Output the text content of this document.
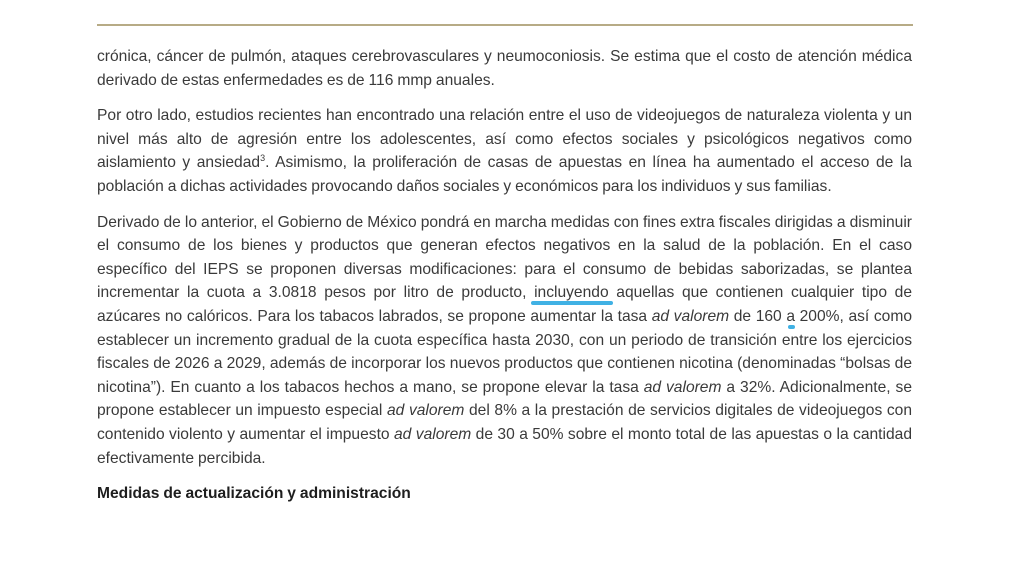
crónica, cáncer de pulmón, ataques cerebrovasculares y neumoconiosis. Se estima que el costo de atención médica derivado de estas enfermedades es de 116 mmp anuales.

Por otro lado, estudios recientes han encontrado una relación entre el uso de videojuegos de naturaleza violenta y un nivel más alto de agresión entre los adolescentes, así como efectos sociales y psicológicos negativos como aislamiento y ansiedad$^3$. Asimismo, la proliferación de casas de apuestas en línea ha aumentado el acceso de la población a dichas actividades provocando daños sociales y económicos para los individuos y sus familias.

Derivado de lo anterior, el Gobierno de México pondrá en marcha medidas con fines extra fiscales dirigidas a disminuir el consumo de los bienes y productos que generan efectos negativos en la salud de la población. En el caso específico del IEPS se proponen diversas modificaciones: para el consumo de bebidas saborizadas, se plantea incrementar la cuota a 3.0818 pesos por litro de producto, incluyendo aquellas que contienen cualquier tipo de azúcares no calóricos. Para los tabacos labrados, se propone aumentar la tasa ad valorem de 160 a 200%, así como establecer un incremento gradual de la cuota específica hasta 2030, con un periodo de transición entre los ejercicios fiscales de 2026 a 2029, además de incorporar los nuevos productos que contienen nicotina (denominadas “bolsas de nicotina”). En cuanto a los tabacos hechos a mano, se propone elevar la tasa ad valorem a 32%. Adicionalmente, se propone establecer un impuesto especial ad valorem del 8% a la prestación de servicios digitales de videojuegos con contenido violento y aumentar el impuesto ad valorem de 30 a 50% sobre el monto total de las apuestas o la cantidad efectivamente percibida.

Medidas de actualización y administración
